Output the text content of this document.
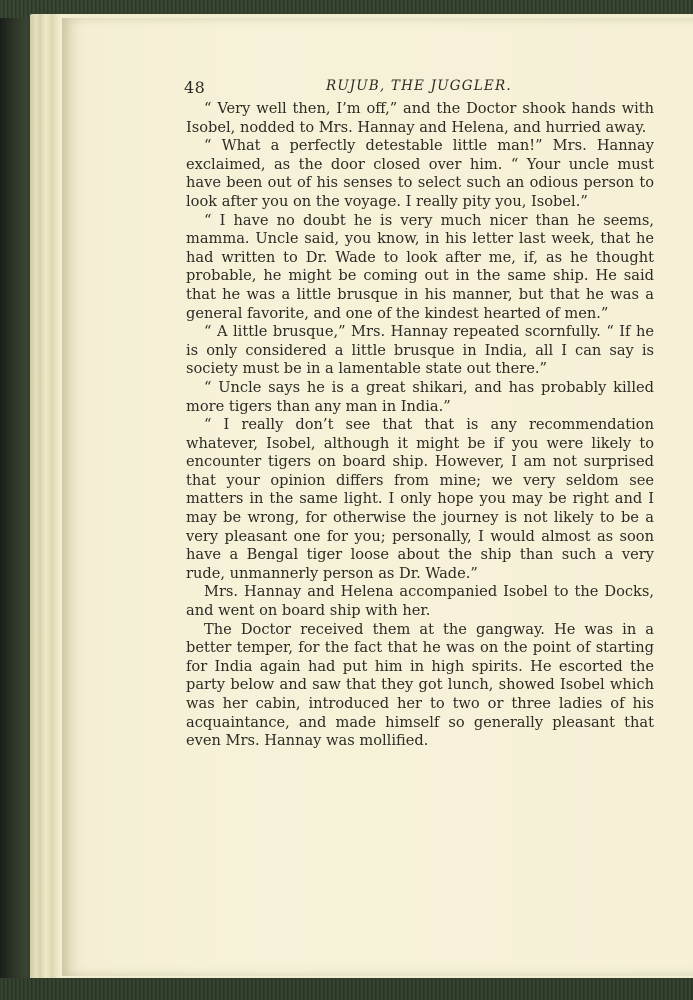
48	RUJUB, THE JUGGLER.

“ Very well then, I’m off,” and the Doctor shook hands with Isobel, nodded to Mrs. Hannay and Helena, and hurried away.

“ What a perfectly detestable little man!” Mrs. Hannay exclaimed, as the door closed over him. “ Your uncle must have been out of his senses to select such an odious person to look after you on the voyage. I really pity you, Isobel.”

“ I have no doubt he is very much nicer than he seems, mamma. Uncle said, you know, in his letter last week, that he had written to Dr. Wade to look after me, if, as he thought probable, he might be coming out in the same ship. He said that he was a little brusque in his manner, but that he was a general favorite, and one of the kindest hearted of men.”

“ A little brusque,” Mrs. Hannay repeated scornfully. “ If he is only considered a little brusque in India, all I can say is society must be in a lamentable state out there.”

“ Uncle says he is a great shikari, and has probably killed more tigers than any man in India.”

“ I really don’t see that that is any recommendation whatever, Isobel, although it might be if you were likely to encounter tigers on board ship. However, I am not surprised that your opinion differs from mine; we very seldom see matters in the same light. I only hope you may be right and I may be wrong, for otherwise the journey is not likely to be a very pleasant one for you; personally, I would almost as soon have a Bengal tiger loose about the ship than such a very rude, unmannerly person as Dr. Wade.”

Mrs. Hannay and Helena accompanied Isobel to the Docks, and went on board ship with her.

The Doctor received them at the gangway. He was in a better temper, for the fact that he was on the point of starting for India again had put him in high spirits. He escorted the party below and saw that they got lunch, showed Isobel which was her cabin, introduced her to two or three ladies of his acquaintance, and made himself so generally pleasant that even Mrs. Hannay was mollified.
